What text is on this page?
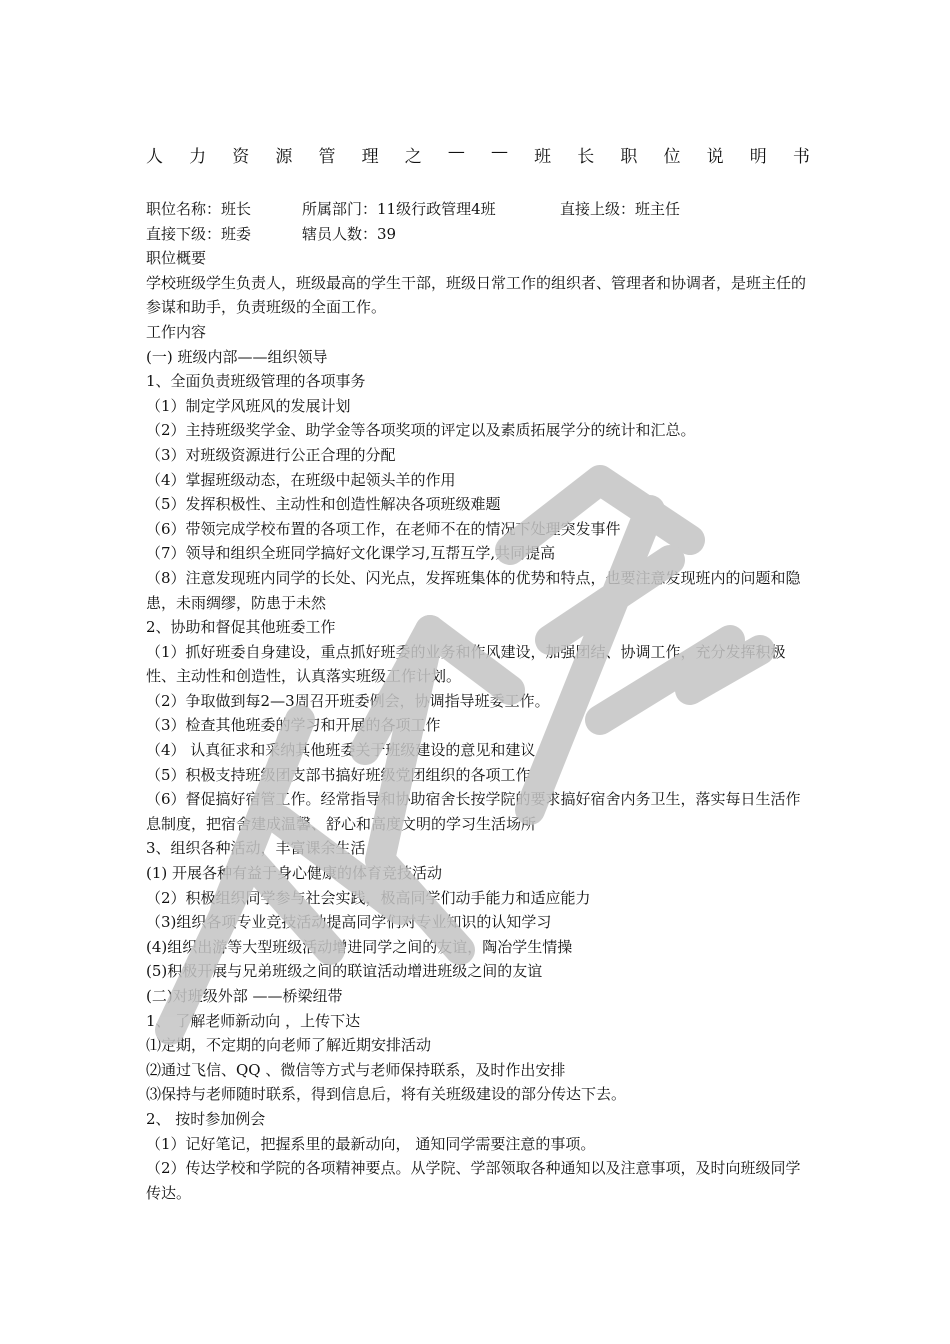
人 力 资 源 管 理 之 — — 班 长 职 位 说 明 书
职位名称：班长	所属部门：11级行政管理4班	直接上级：班主任
直接下级：班委	辖员人数：39
职位概要
学校班级学生负责人，班级最高的学生干部，班级日常工作的组织者、管理者和协调者，是班主任的参谋和助手，负责班级的全面工作。
工作内容
(一) 班级内部——组织领导
1、全面负责班级管理的各项事务
（1）制定学风班风的发展计划
（2）主持班级奖学金、助学金等各项奖项的评定以及素质拓展学分的统计和汇总。
（3）对班级资源进行公正合理的分配
（4）掌握班级动态，在班级中起领头羊的作用
（5）发挥积极性、主动性和创造性解决各项班级难题
（6）带领完成学校布置的各项工作，在老师不在的情况下处理突发事件
（7）领导和组织全班同学搞好文化课学习,互帮互学,共同提高
（8）注意发现班内同学的长处、闪光点，发挥班集体的优势和特点，也要注意发现班内的问题和隐患，未雨绸缪，防患于未然
2、协助和督促其他班委工作
（1）抓好班委自身建设，重点抓好班委的业务和作风建设，加强团结、协调工作，充分发挥积极性、主动性和创造性，认真落实班级工作计划。
（2）争取做到每2—3周召开班委例会，协调指导班委工作。
（3）检查其他班委的学习和开展的各项工作
（4） 认真征求和采纳其他班委关于班级建设的意见和建议
（5）积极支持班级团支部书搞好班级党团组织的各项工作
（6）督促搞好宿管工作。经常指导和协助宿舍长按学院的要求搞好宿舍内务卫生，落实每日生活作息制度，把宿舍建成温馨、舒心和高度文明的学习生活场所
3、组织各种活动，丰富课余生活
(1) 开展各种有益于身心健康的体育竞技活动
（2）积极组织同学参与社会实践，极高同学们动手能力和适应能力
（3)组织各项专业竞技活动提高同学们对专业知识的认知学习
(4)组织出游等大型班级活动增进同学之间的友谊，陶冶学生情操
(5)积极开展与兄弟班级之间的联谊活动增进班级之间的友谊
(二)对班级外部 ——桥梁纽带
1、 了解老师新动向 ，上传下达
⑴定期，不定期的向老师了解近期安排活动
⑵通过飞信、QQ 、微信等方式与老师保持联系，及时作出安排
⑶保持与老师随时联系，得到信息后，将有关班级建设的部分传达下去。
2、 按时参加例会
（1）记好笔记，把握系里的最新动向， 通知同学需要注意的事项。
（2）传达学校和学院的各项精神要点。从学院、学部领取各种通知以及注意事项，及时向班级同学传达。
